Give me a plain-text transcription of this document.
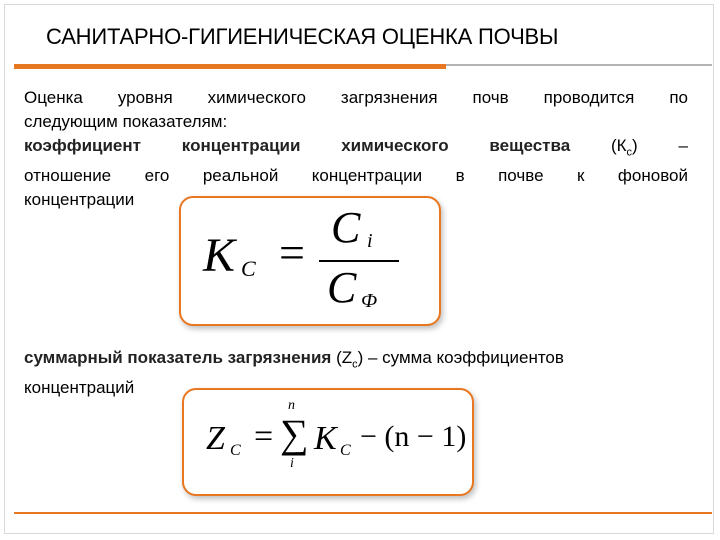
САНИТАРНО-ГИГИЕНИЧЕСКАЯ ОЦЕНКА ПОЧВЫ
Оценка уровня химического загрязнения почв проводится по
следующим показателям:
коэффициент концентрации химического вещества $(К_с)$ –
отношение его реальной концентрации в почве к фоновой
концентрации
K C = C i
C Ф
суммарный показатель загрязнения $(Z_c)$ – сумма коэффициентов
концентраций
Z C =
n
∑
i
K C − (n − 1)
